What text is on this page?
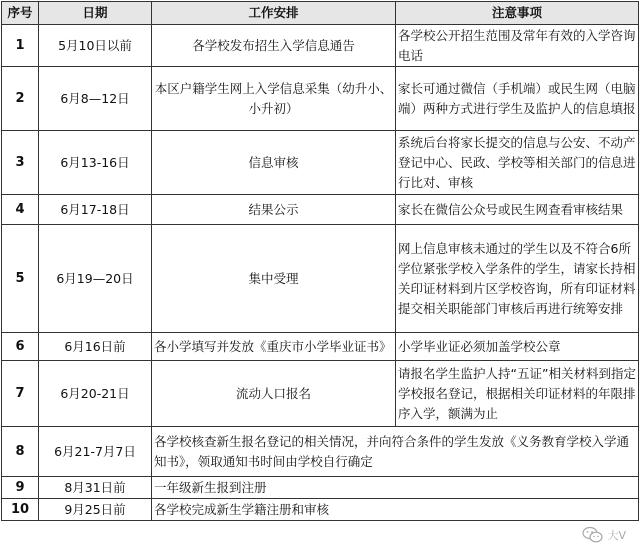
序号	日期	工作安排	注意事项
1	5月10日以前	各学校发布招生入学信息通告	各学校公开招生范围及常年有效的入学咨询电话
2	6月8—12日	本区户籍学生网上入学信息采集（幼升小、小升初）	家长可通过微信（手机端）或民生网（电脑端）两种方式进行学生及监护人的信息填报
3	6月13-16日	信息审核	系统后台将家长提交的信息与公安、不动产登记中心、民政、学校等相关部门的信息进行比对、审核
4	6月17-18日	结果公示	家长在微信公众号或民生网查看审核结果
5	6月19—20日	集中受理	网上信息审核未通过的学生以及不符合6所学位紧张学校入学条件的学生，请家长持相关印证材料到片区学校咨询，所有印证材料提交相关职能部门审核后再进行统筹安排
6	6月16日前	各小学填写并发放《重庆市小学毕业证书》	小学毕业证必须加盖学校公章
7	6月20-21日	流动人口报名	请报名学生监护人持“五证”相关材料到指定学校报名登记，根据相关印证材料的年限排序入学，额满为止
8	6月21-7月7日	各学校核查新生报名登记的相关情况，并向符合条件的学生发放《义务教育学校入学通知书》，领取通知书时间由学校自行确定	
9	8月31日前	一年级新生报到注册	
10	9月25日前	各学校完成新生学籍注册和审核	
大V
